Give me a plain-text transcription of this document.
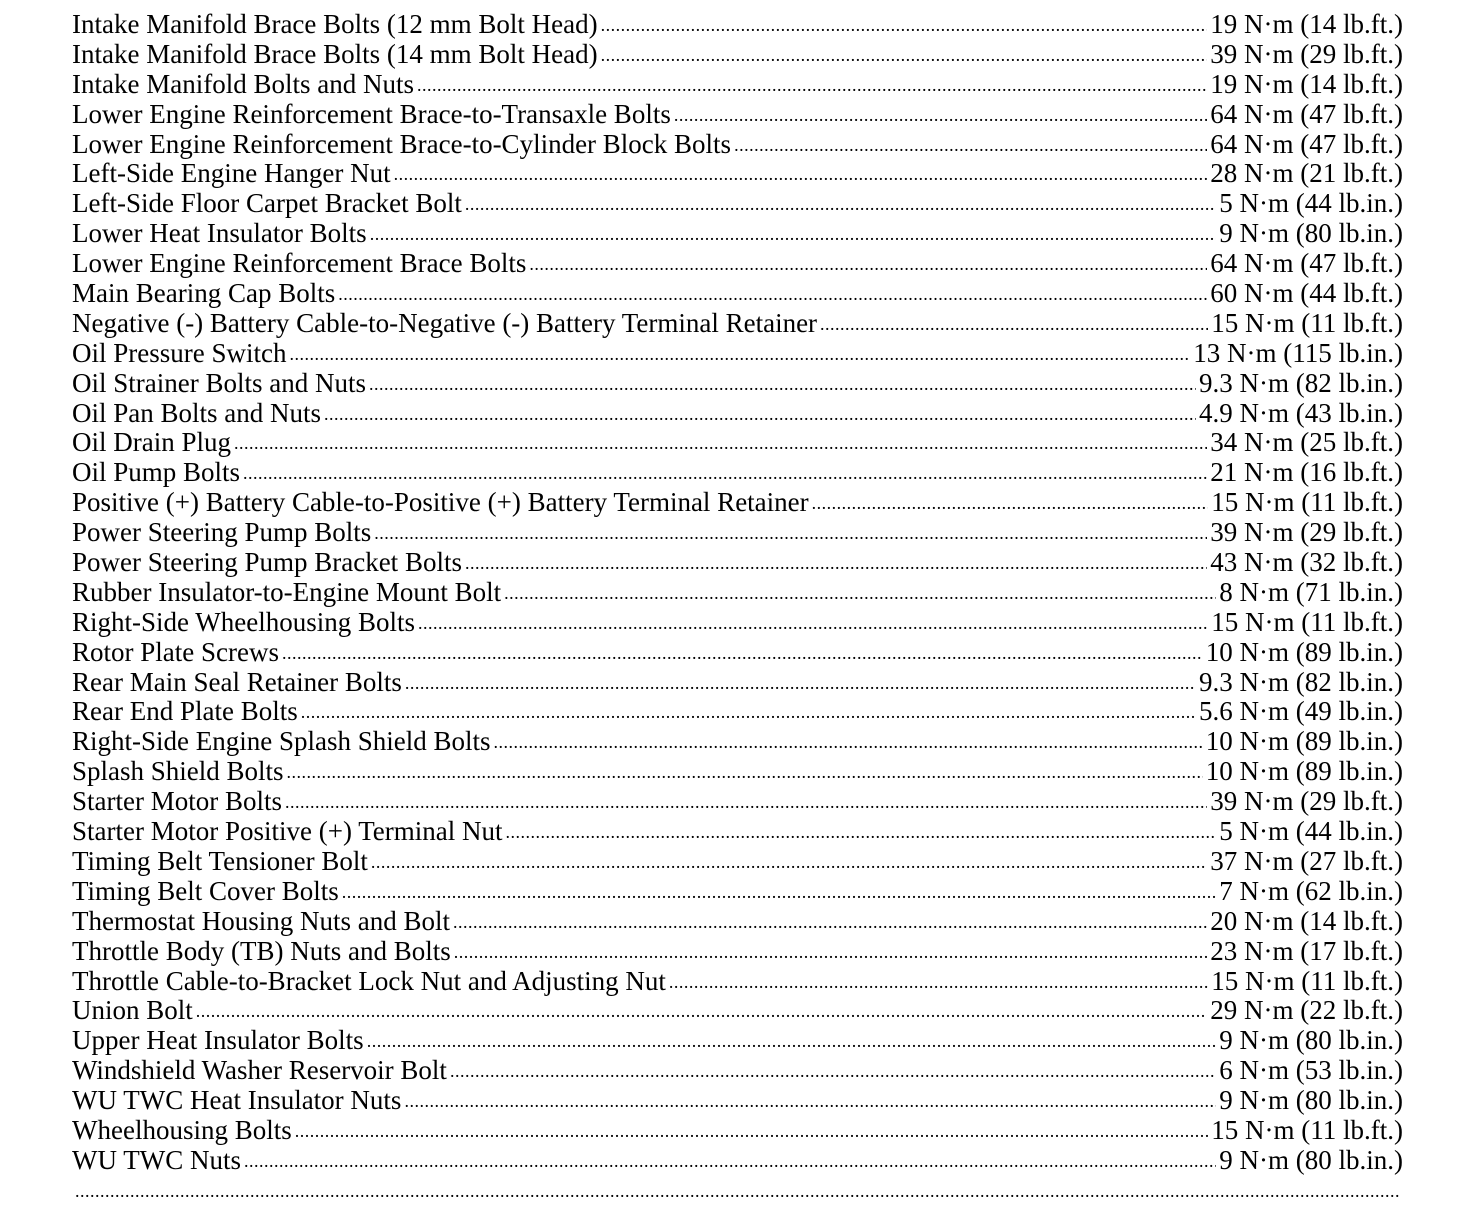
Intake Manifold Brace Bolts (12 mm Bolt Head) .....	19 N·m (14 lb.ft.)
Intake Manifold Brace Bolts (14 mm Bolt Head) .....	39 N·m (29 lb.ft.)
Intake Manifold Bolts and Nuts .....	19 N·m (14 lb.ft.)
Lower Engine Reinforcement Brace-to-Transaxle Bolts .....	64 N·m (47 lb.ft.)
Lower Engine Reinforcement Brace-to-Cylinder Block Bolts .....	64 N·m (47 lb.ft.)
Left-Side Engine Hanger Nut .....	28 N·m (21 lb.ft.)
Left-Side Floor Carpet Bracket Bolt .....	5 N·m (44 lb.in.)
Lower Heat Insulator Bolts .....	9 N·m (80 lb.in.)
Lower Engine Reinforcement Brace Bolts .....	64 N·m (47 lb.ft.)
Main Bearing Cap Bolts .....	60 N·m (44 lb.ft.)
Negative (-) Battery Cable-to-Negative (-) Battery Terminal Retainer .....	15 N·m (11 lb.ft.)
Oil Pressure Switch .....	13 N·m (115 lb.in.)
Oil Strainer Bolts and Nuts .....	9.3 N·m (82 lb.in.)
Oil Pan Bolts and Nuts .....	4.9 N·m (43 lb.in.)
Oil Drain Plug .....	34 N·m (25 lb.ft.)
Oil Pump Bolts .....	21 N·m (16 lb.ft.)
Positive (+) Battery Cable-to-Positive (+) Battery Terminal Retainer .....	15 N·m (11 lb.ft.)
Power Steering Pump Bolts .....	39 N·m (29 lb.ft.)
Power Steering Pump Bracket Bolts .....	43 N·m (32 lb.ft.)
Rubber Insulator-to-Engine Mount Bolt .....	8 N·m (71 lb.in.)
Right-Side Wheelhousing Bolts .....	15 N·m (11 lb.ft.)
Rotor Plate Screws .....	10 N·m (89 lb.in.)
Rear Main Seal Retainer Bolts .....	9.3 N·m (82 lb.in.)
Rear End Plate Bolts .....	5.6 N·m (49 lb.in.)
Right-Side Engine Splash Shield Bolts .....	10 N·m (89 lb.in.)
Splash Shield Bolts .....	10 N·m (89 lb.in.)
Starter Motor Bolts .....	39 N·m (29 lb.ft.)
Starter Motor Positive (+) Terminal Nut .....	5 N·m (44 lb.in.)
Timing Belt Tensioner Bolt .....	37 N·m (27 lb.ft.)
Timing Belt Cover Bolts .....	7 N·m (62 lb.in.)
Thermostat Housing Nuts and Bolt .....	20 N·m (14 lb.ft.)
Throttle Body (TB) Nuts and Bolts .....	23 N·m (17 lb.ft.)
Throttle Cable-to-Bracket Lock Nut and Adjusting Nut .....	15 N·m (11 lb.ft.)
Union Bolt .....	29 N·m (22 lb.ft.)
Upper Heat Insulator Bolts .....	9 N·m (80 lb.in.)
Windshield Washer Reservoir Bolt .....	6 N·m (53 lb.in.)
WU TWC Heat Insulator Nuts .....	9 N·m (80 lb.in.)
Wheelhousing Bolts .....	15 N·m (11 lb.ft.)
WU TWC Nuts .....	9 N·m (80 lb.in.)
.....
